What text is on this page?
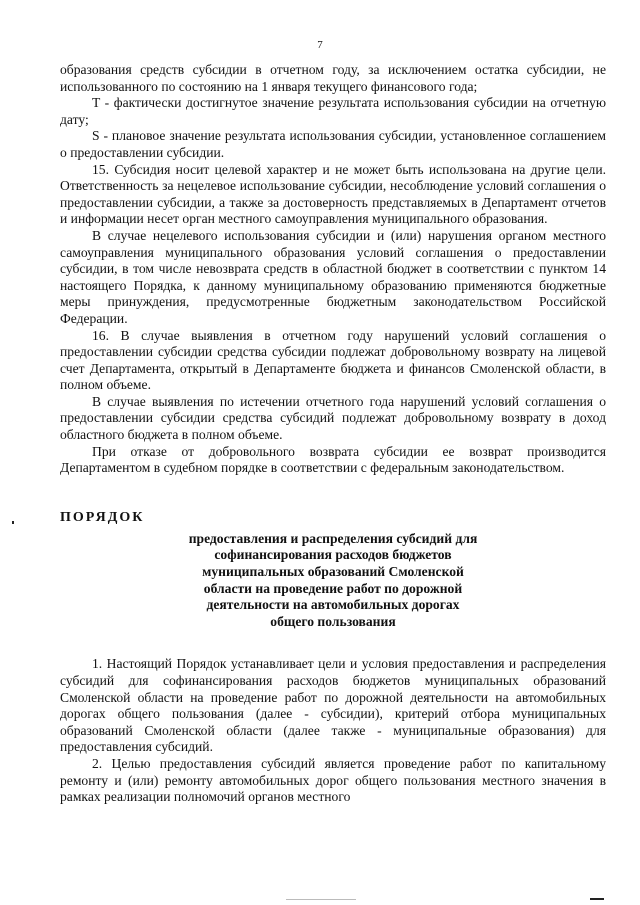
7

образования средств субсидии в отчетном году, за исключением остатка субсидии, не использованного по состоянию на 1 января текущего финансового года;

T - фактически достигнутое значение результата использования субсидии на отчетную дату;

S - плановое значение результата использования субсидии, установленное соглашением о предоставлении субсидии.

15. Субсидия носит целевой характер и не может быть использована на другие цели. Ответственность за нецелевое использование субсидии, несоблюдение условий соглашения о предоставлении субсидии, а также за достоверность представляемых в Департамент отчетов и информации несет орган местного самоуправления муниципального образования.

В случае нецелевого использования субсидии и (или) нарушения органом местного самоуправления муниципального образования условий соглашения о предоставлении субсидии, в том числе невозврата средств в областной бюджет в соответствии с пунктом 14 настоящего Порядка, к данному муниципальному образованию применяются бюджетные меры принуждения, предусмотренные бюджетным законодательством Российской Федерации.

16. В случае выявления в отчетном году нарушений условий соглашения о предоставлении субсидии средства субсидии подлежат добровольному возврату на лицевой счет Департамента, открытый в Департаменте бюджета и финансов Смоленской области, в полном объеме.

В случае выявления по истечении отчетного года нарушений условий соглашения о предоставлении субсидии средства субсидий подлежат добровольному возврату в доход областного бюджета в полном объеме.

При отказе от добровольного возврата субсидии ее возврат производится Департаментом в судебном порядке в соответствии с федеральным законодательством.

ПОРЯДОК

предоставления и распределения субсидий для софинансирования расходов бюджетов муниципальных образований Смоленской области на проведение работ по дорожной деятельности на автомобильных дорогах общего пользования

1. Настоящий Порядок устанавливает цели и условия предоставления и распределения субсидий для софинансирования расходов бюджетов муниципальных образований Смоленской области на проведение работ по дорожной деятельности на автомобильных дорогах общего пользования (далее - субсидии), критерий отбора муниципальных образований Смоленской области (далее также - муниципальные образования) для предоставления субсидий.

2. Целью предоставления субсидий является проведение работ по капитальному ремонту и (или) ремонту автомобильных дорог общего пользования местного значения в рамках реализации полномочий органов местного
